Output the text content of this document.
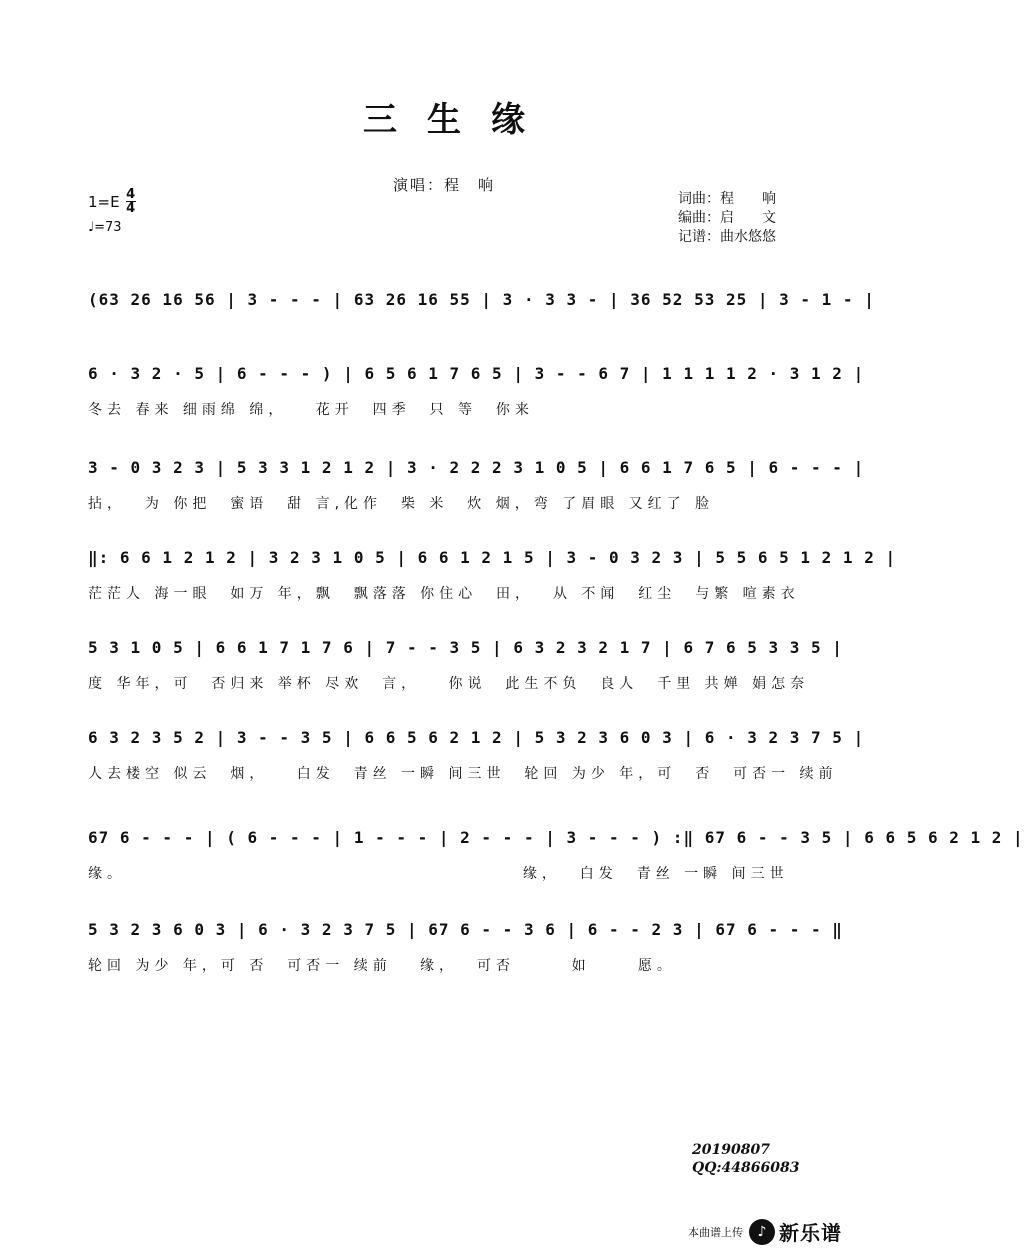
三生缘
演唱：程　响
$1=E \frac{4}{4}$
♩=73
词曲：程　　响
编曲：启　　文
记谱：曲水悠悠
(63 26 16 56 | 3 - - - | 63 26 16 55 | 3 · 3 3 - | 36 52 53 25 | 3 - 1 - |
6 · 3 2 · 5 | 6 - - - ) | 6 5 6 1 7 6 5 | 3 - - 6 7 | 1 1 1 1 2 · 3 1 2 |
冬去 春来 细雨绵 绵，   花开  四季  只 等  你来
3 - 0 3 2 3 | 5 3 3 1 2 1 2 | 3 · 2 2 2 3 1 0 5 | 6 6 1 7 6 5 | 6 - - - |
拈，  为 你把  蜜语  甜 言,化作  柴 米  炊 烟，弯 了眉眼 又红了 脸
‖: 6 6 1 2 1 2 | 3 2 3 1 0 5 | 6 6 1 2 1 5 | 3 - 0 3 2 3 | 5 5 6 5 1 2 1 2 |
茫茫人 海一眼  如万 年，飘  飘落落 你住心  田，  从 不闻  红尘  与繁 喧素衣
5 3 1 0 5 | 6 6 1 7 1 7 6 | 7 - - 3 5 | 6 3 2 3 2 1 7 | 6 7 6 5 3 3 5 |
度 华年，可  否归来 举杯 尽欢  言，   你说  此生不负  良人  千里 共婵 娟怎奈
6 3 2 3 5 2 | 3 - - 3 5 | 6 6 5 6 2 1 2 | 5 3 2 3 6 0 3 | 6 · 3 2 3 7 5 |
人去楼空 似云  烟，   白发  青丝 一瞬 间三世  轮回 为少 年，可  否  可否一 续前
67 6 - - - | ( 6 - - - | 1 - - - | 2 - - - | 3 - - - ) :‖ 67 6 - - 3 5 | 6 6 5 6 2 1 2 |
缘。                                          缘，  白发  青丝 一瞬 间三世
5 3 2 3 6 0 3 | 6 · 3 2 3 7 5 | 67 6 - - 3 6 | 6 - - 2 3 | 67 6 - - - ‖
轮回 为少 年，可 否  可否一 续前   缘，  可否      如     愿。
20190807
QQ:44866083
本曲谱上传	♪ 新乐谱
